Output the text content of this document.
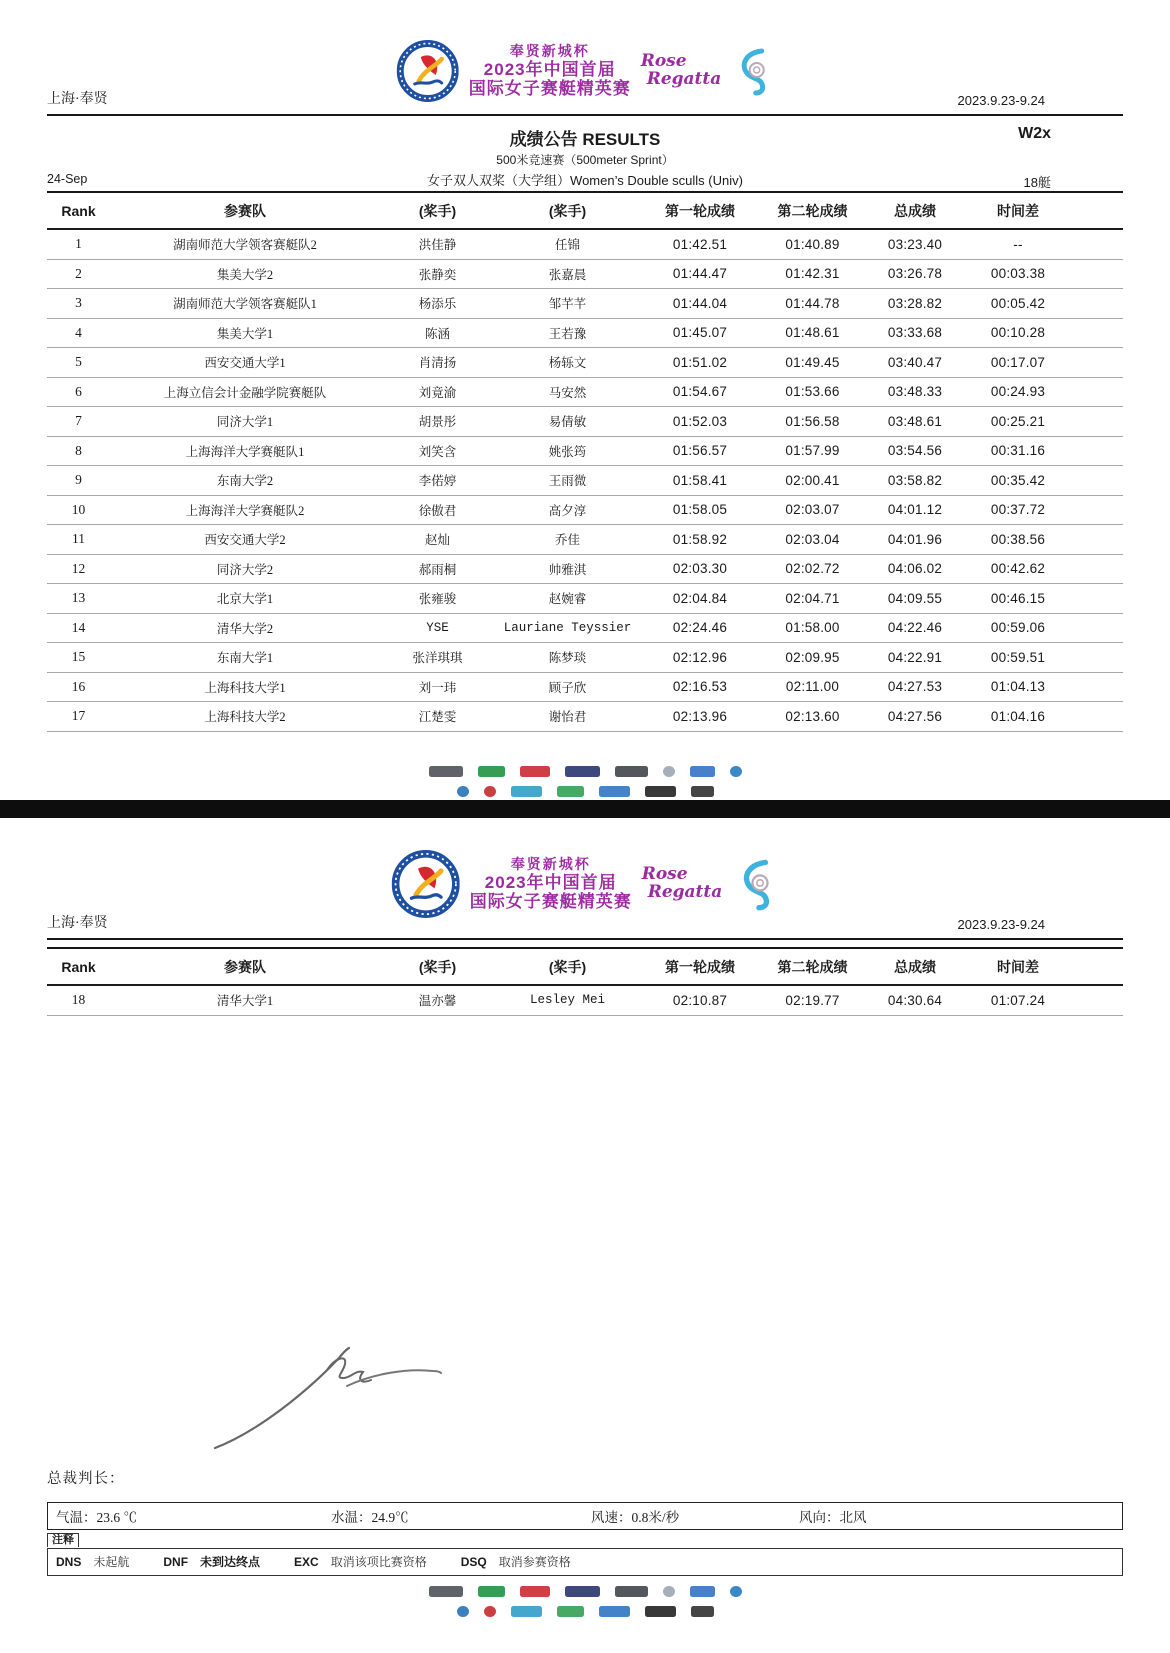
奉贤新城杯
2023年中国首届
国际女子赛艇精英赛
Rose
Regatta
上海·奉贤	2023.9.23-9.24
成绩公告 RESULTS	W2x
500米竞速赛（500meter Sprint）
24-Sep	女子双人双桨（大学组）Women’s Double sculls (Univ)	18艇
Rank	参赛队	(桨手)	(桨手)	第一轮成绩	第二轮成绩	总成绩	时间差
1	湖南师范大学领客赛艇队2	洪佳静	任锦	01:42.51	01:40.89	03:23.40	--
2	集美大学2	张静奕	张嘉晨	01:44.47	01:42.31	03:26.78	00:03.38
3	湖南师范大学领客赛艇队1	杨添乐	邹芊芊	01:44.04	01:44.78	03:28.82	00:05.42
4	集美大学1	陈涵	王若豫	01:45.07	01:48.61	03:33.68	00:10.28
5	西安交通大学1	肖清扬	杨轹文	01:51.02	01:49.45	03:40.47	00:17.07
6	上海立信会计金融学院赛艇队	刘竟渝	马安然	01:54.67	01:53.66	03:48.33	00:24.93
7	同济大学1	胡景彤	易倩敏	01:52.03	01:56.58	03:48.61	00:25.21
8	上海海洋大学赛艇队1	刘笑含	姚张筠	01:56.57	01:57.99	03:54.56	00:31.16
9	东南大学2	李偌婷	王雨微	01:58.41	02:00.41	03:58.82	00:35.42
10	上海海洋大学赛艇队2	徐傲君	高夕淳	01:58.05	02:03.07	04:01.12	00:37.72
11	西安交通大学2	赵灿	乔佳	01:58.92	02:03.04	04:01.96	00:38.56
12	同济大学2	郝雨桐	帅雅淇	02:03.30	02:02.72	04:06.02	00:42.62
13	北京大学1	张雍骏	赵婉睿	02:04.84	02:04.71	04:09.55	00:46.15
14	清华大学2	YSE	Lauriane Teyssier	02:24.46	01:58.00	04:22.46	00:59.06
15	东南大学1	张洋琪琪	陈梦琰	02:12.96	02:09.95	04:22.91	00:59.51
16	上海科技大学1	刘一玮	顾子欣	02:16.53	02:11.00	04:27.53	01:04.13
17	上海科技大学2	江楚雯	谢怡君	02:13.96	02:13.60	04:27.56	01:04.16
奉贤新城杯
2023年中国首届
国际女子赛艇精英赛
Rose
Regatta
上海·奉贤	2023.9.23-9.24
Rank	参赛队	(桨手)	(桨手)	第一轮成绩	第二轮成绩	总成绩	时间差
18	清华大学1	温亦馨	Lesley Mei	02:10.87	02:19.77	04:30.64	01:07.24
总裁判长：
气温：23.6 ℃	水温：24.9℃	风速：0.8米/秒	风向：北风
注释
DNS 未起航	DNF 未到达终点	EXC 取消该项比赛资格	DSQ 取消参赛资格
